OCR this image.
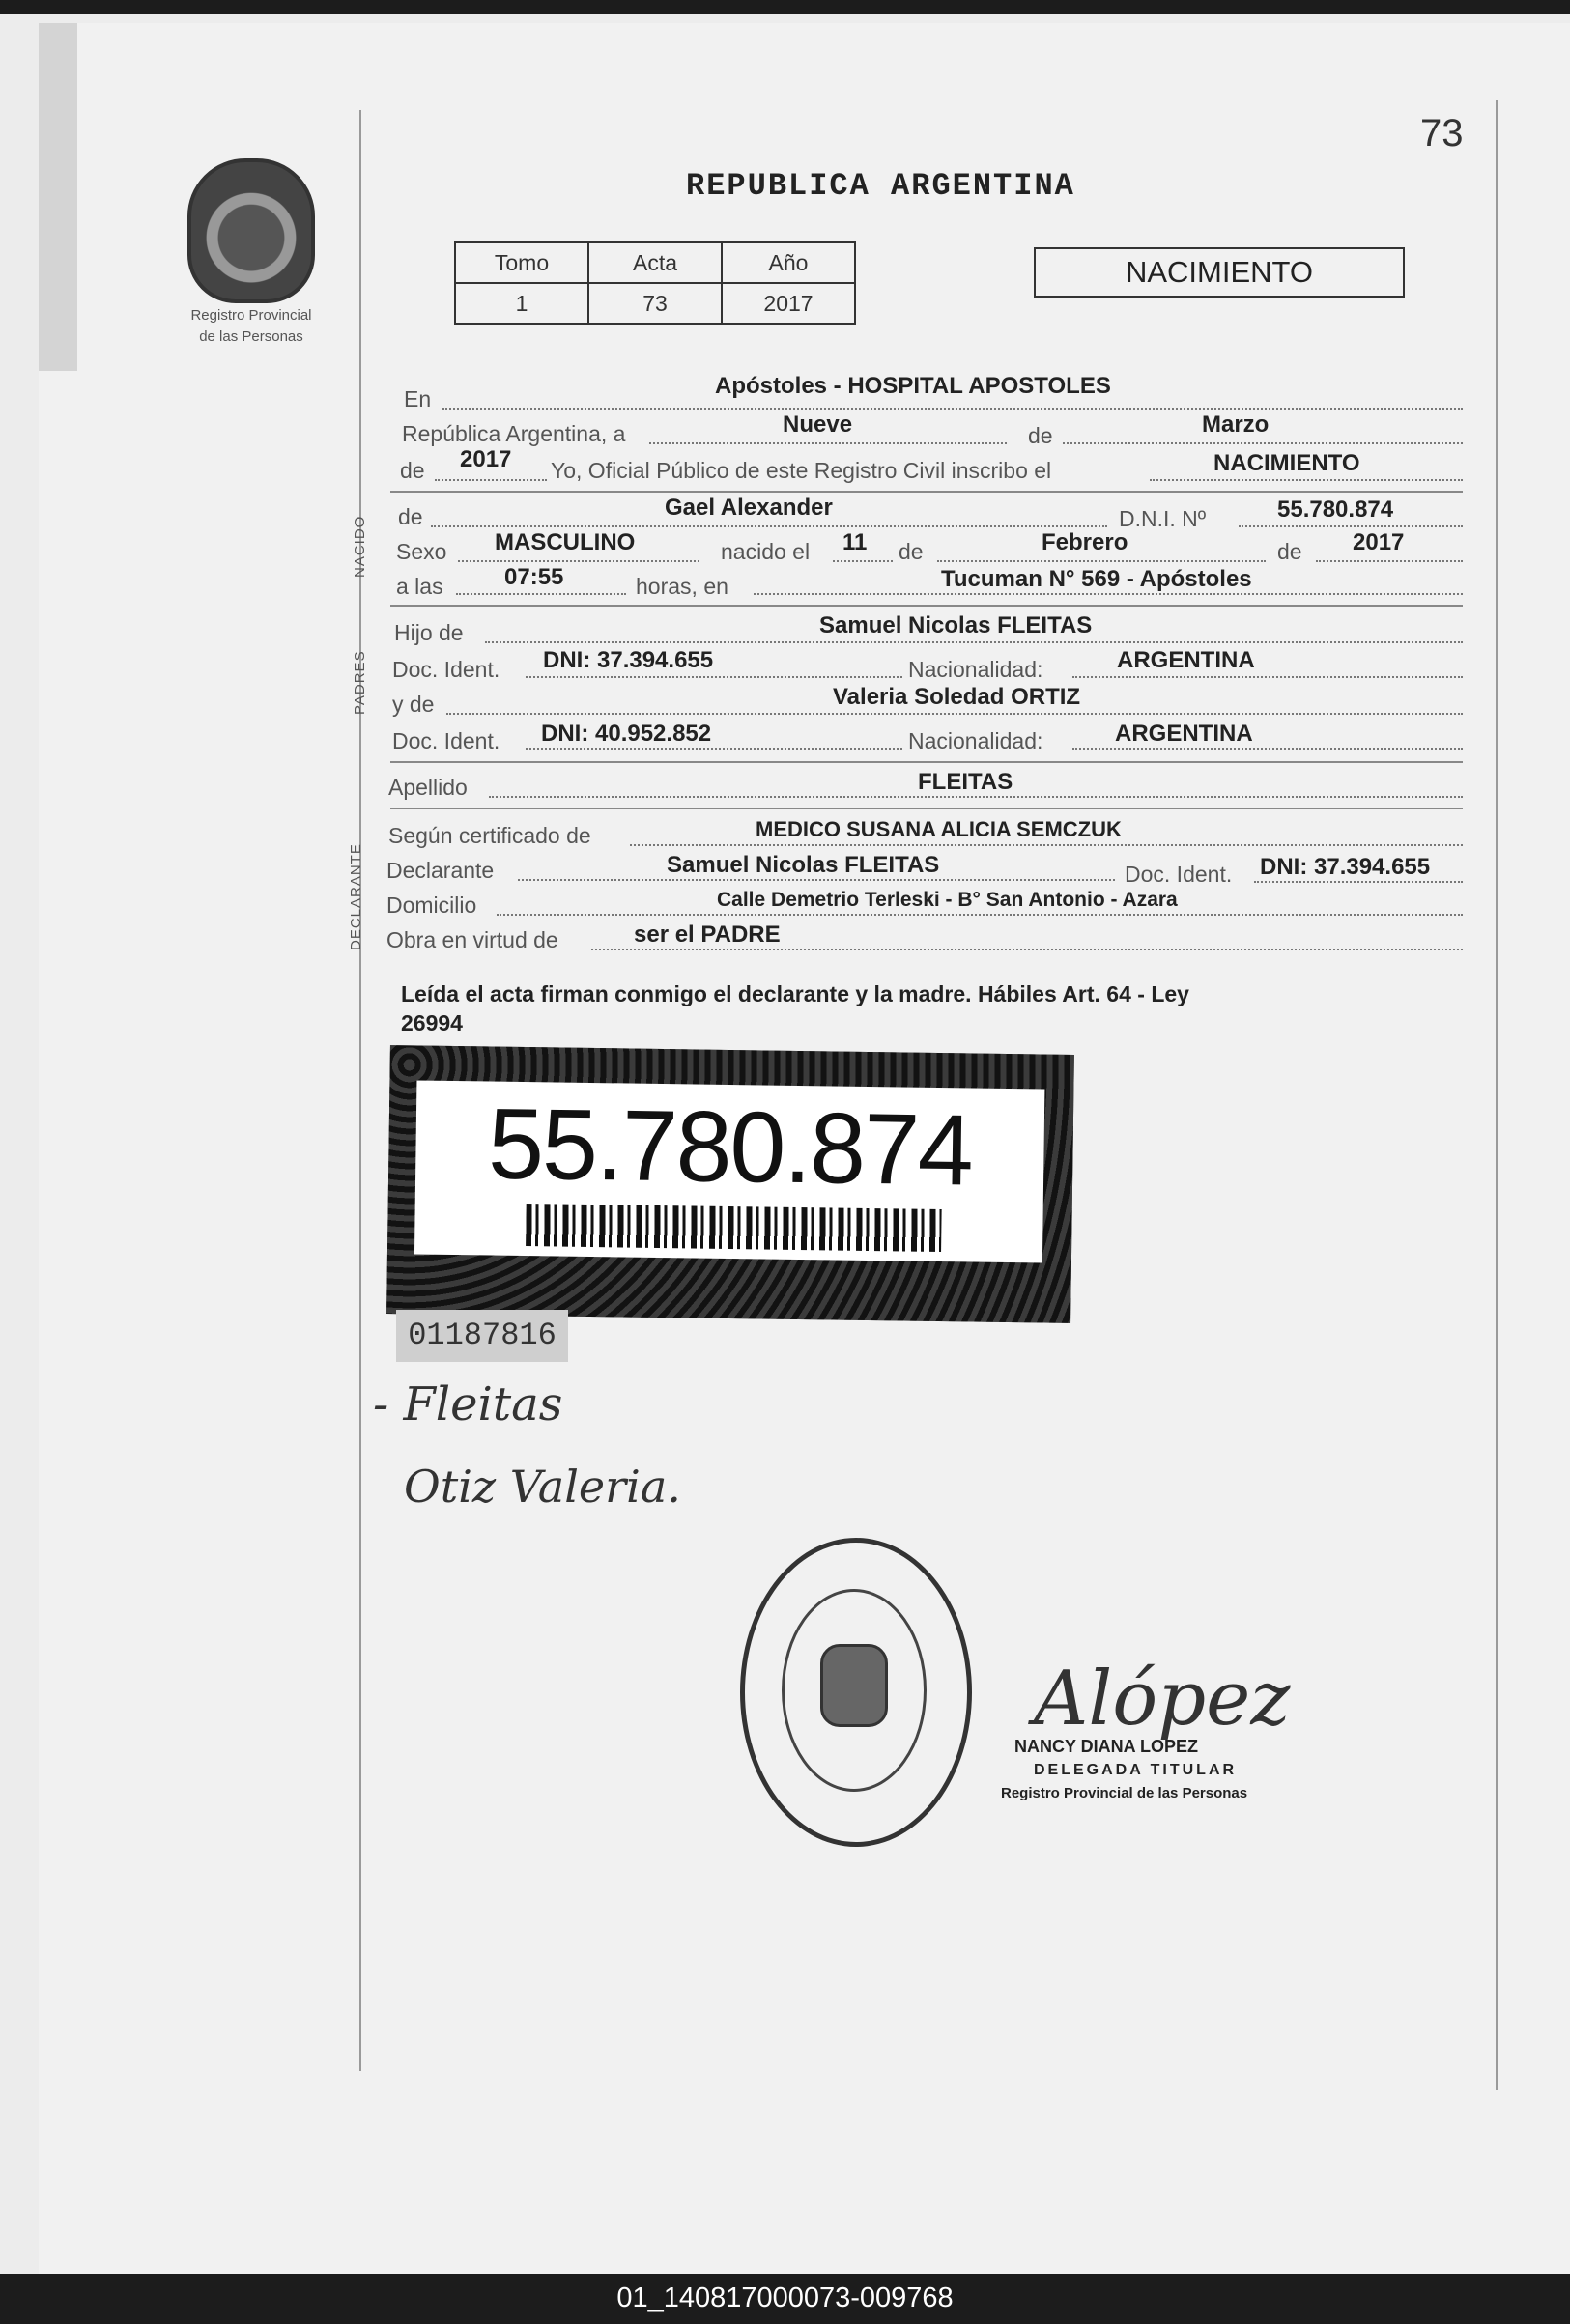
73
Registro Provincial
de las Personas
REPUBLICA ARGENTINA
Tomo	Acta	Año
1	73	2017
NACIMIENTO
En	Apóstoles - HOSPITAL APOSTOLES
República Argentina, a	Nueve	de	Marzo
de 2017 Yo, Oficial Público de este Registro Civil inscribo el	NACIMIENTO
NACIDO de	Gael Alexander	D.N.I. Nº	55.780.874
Sexo MASCULINO	nacido el 11 de	Febrero	de 2017
a las	07:55	horas, en	Tucuman N° 569 - Apóstoles
PADRES
Hijo de	Samuel Nicolas FLEITAS
Doc. Ident. DNI: 37.394.655	Nacionalidad:	ARGENTINA
y de	Valeria Soledad ORTIZ
Doc. Ident. DNI: 40.952.852	Nacionalidad:	ARGENTINA
Apellido	FLEITAS
DECLARANTE
Según certificado de	MEDICO SUSANA ALICIA SEMCZUK
Declarante	Samuel Nicolas FLEITAS	Doc. Ident. DNI: 37.394.655
Domicilio	Calle Demetrio Terleski - B° San Antonio - Azara
Obra en virtud de	ser el PADRE
Leída el acta firman conmigo el declarante y la madre. Hábiles Art. 64 - Ley
26994
55.780.874
01187816
- Fleitas
Otiz Valeria.
Alópez
NANCY DIANA LOPEZ
DELEGADA TITULAR
Registro Provincial de las Personas
01_140817000073-009768
